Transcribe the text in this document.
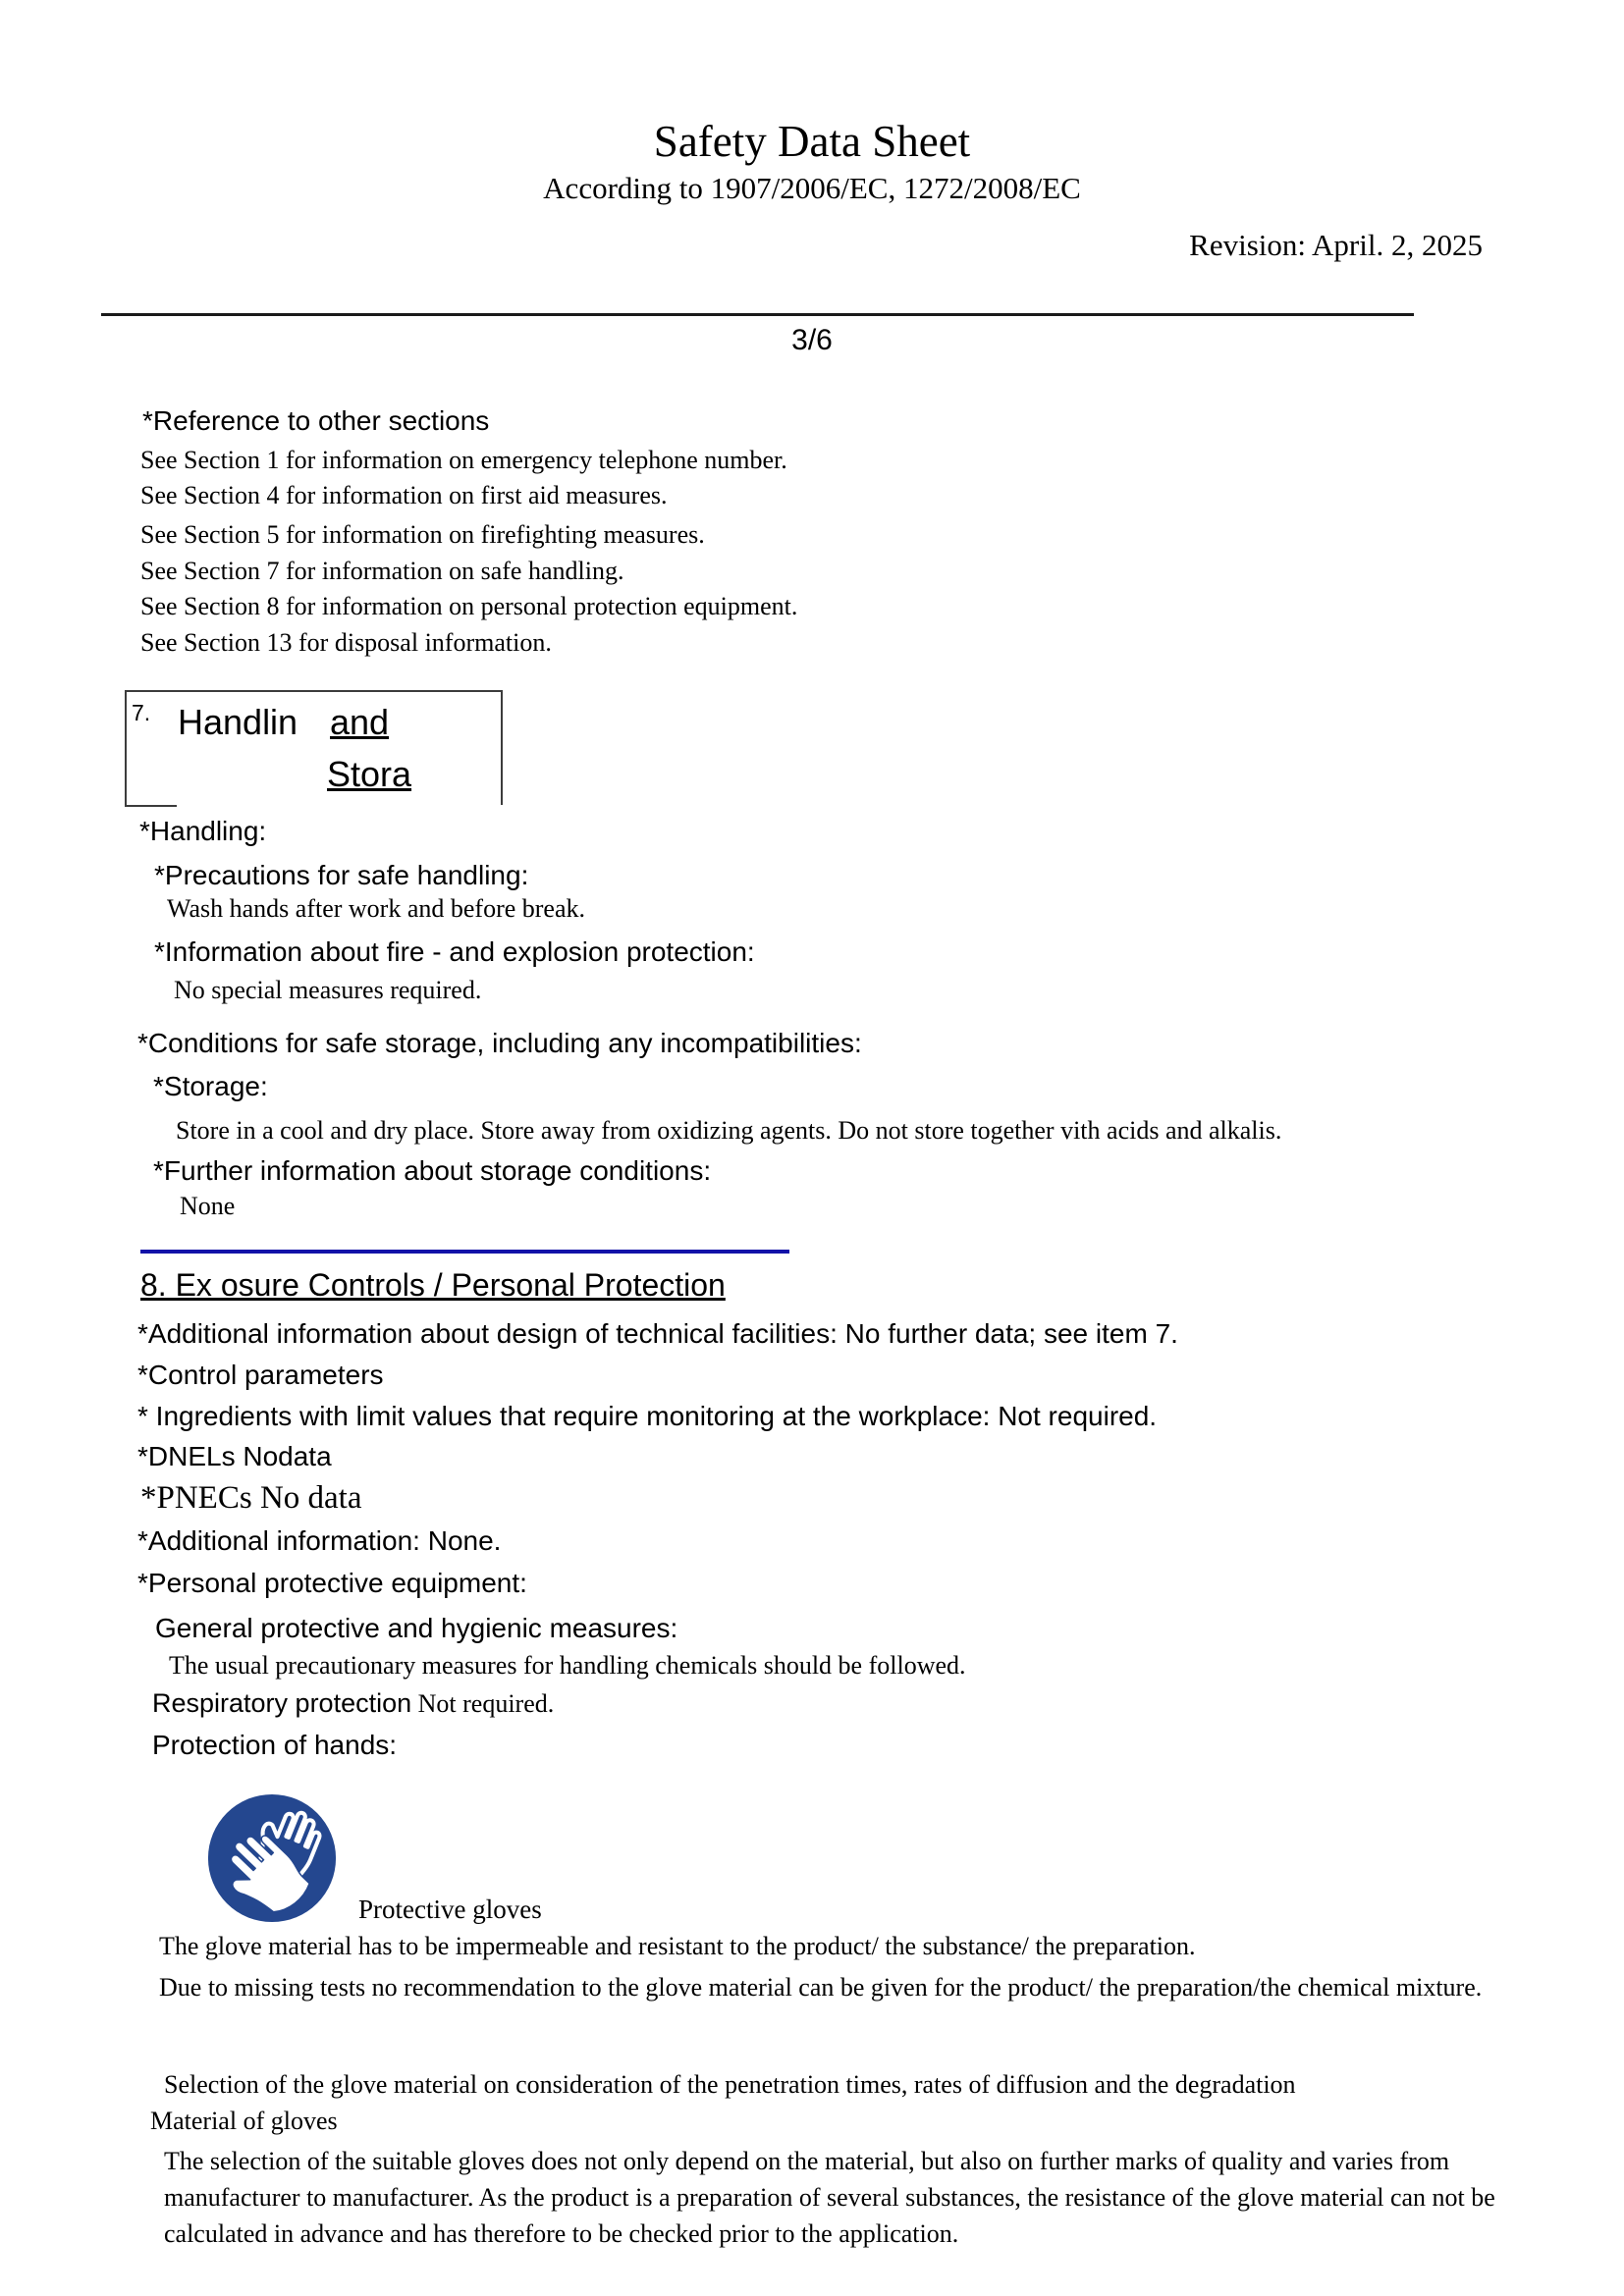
Safety Data Sheet
According to 1907/2006/EC, 1272/2008/EC
Revision: April. 2, 2025
3/6
*Reference to other sections
See Section 1 for information on emergency telephone number.
See Section 4 for information on first aid measures.
See Section 5 for information on firefighting measures.
See Section 7 for information on safe handling.
See Section 8 for information on personal protection equipment.
See Section 13 for disposal information.
7. Handlin and
Stora
*Handling:
*Precautions for safe handling:
Wash hands after work and before break.
*Information about fire - and explosion protection:
No special measures required.
*Conditions for safe storage, including any incompatibilities:
*Storage:
Store in a cool and dry place. Store away from oxidizing agents. Do not store together vith acids and alkalis.
*Further information about storage conditions:
None
8. Ex osure Controls / Personal Protection
*Additional information about design of technical facilities: No further data; see item 7.
*Control parameters
* Ingredients with limit values that require monitoring at the workplace: Not required.
*DNELs Nodata
*PNECs No data
*Additional information: None.
*Personal protective equipment:
General protective and hygienic measures:
The usual precautionary measures for handling chemicals should be followed.
Respiratory protection Not required.
Protection of hands:
Protective gloves
The glove material has to be impermeable and resistant to the product/ the substance/ the preparation.
Due to missing tests no recommendation to the glove material can be given for the product/ the preparation/the chemical mixture.
Selection of the glove material on consideration of the penetration times, rates of diffusion and the degradation
Material of gloves
The selection of the suitable gloves does not only depend on the material, but also on further marks of quality and varies from manufacturer to manufacturer. As the product is a preparation of several substances, the resistance of the glove material can not be calculated in advance and has therefore to be checked prior to the application.
